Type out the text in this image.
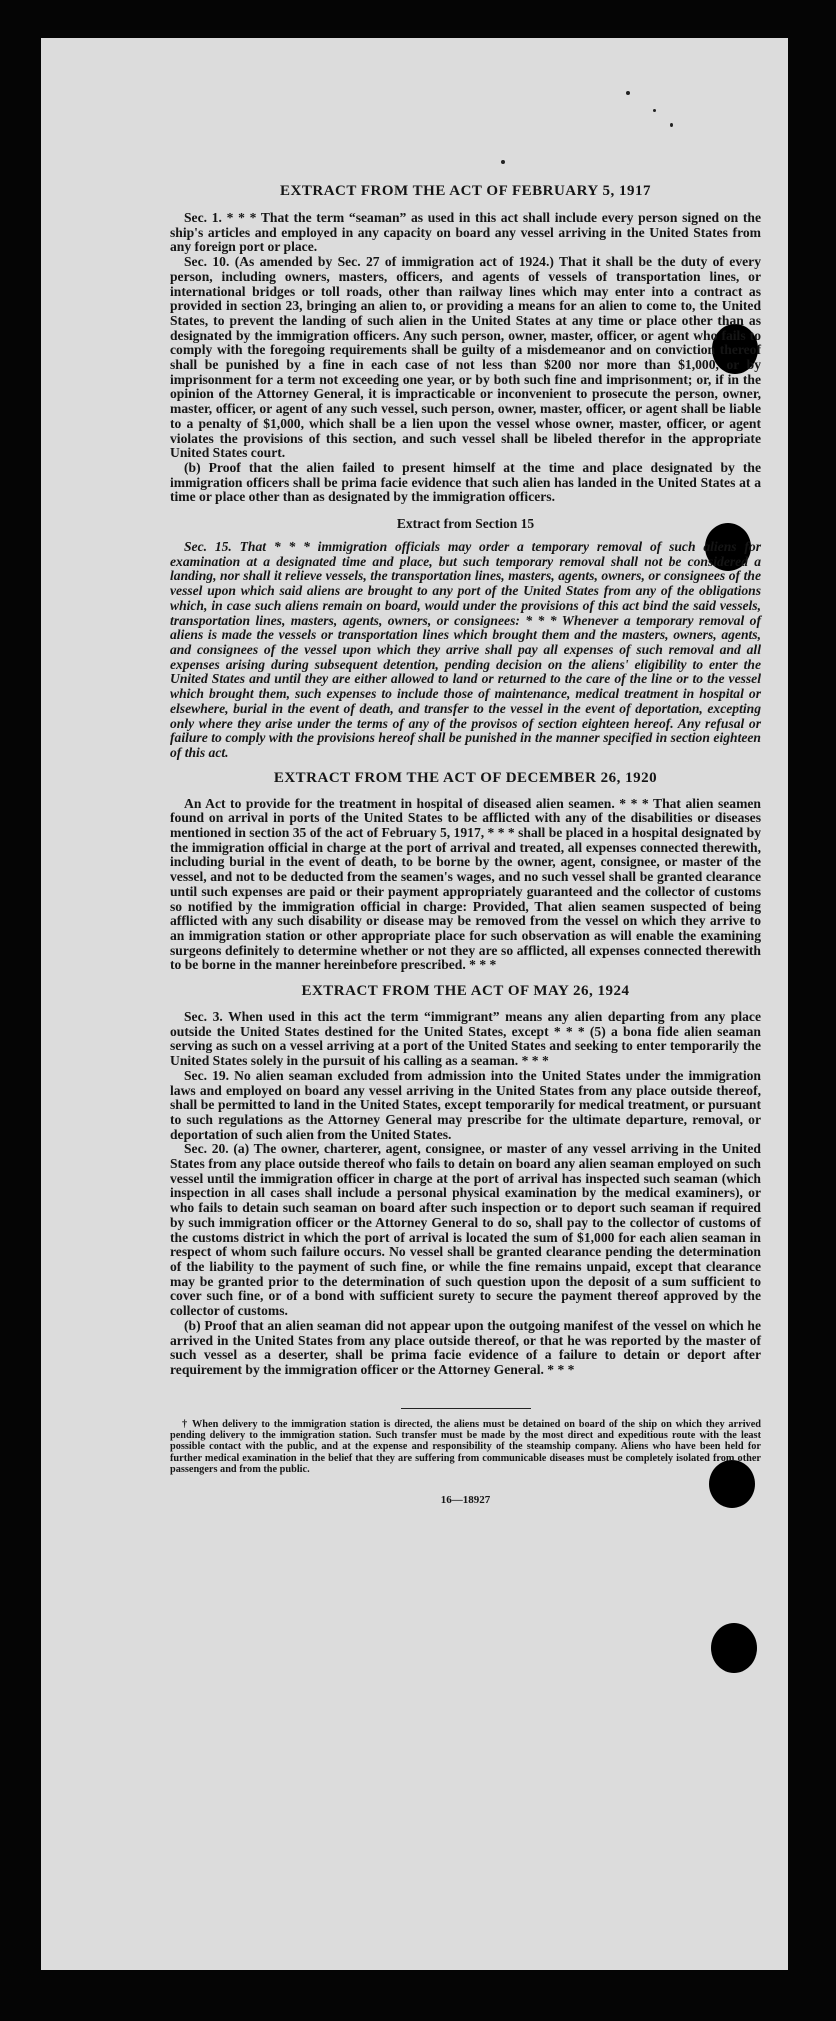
EXTRACT FROM THE ACT OF FEBRUARY 5, 1917

Sec. 1. * * * That the term “seaman” as used in this act shall include every person signed on the ship's articles and employed in any capacity on board any vessel arriving in the United States from any foreign port or place.

Sec. 10. (As amended by Sec. 27 of immigration act of 1924.) That it shall be the duty of every person, including owners, masters, officers, and agents of vessels of transportation lines, or international bridges or toll roads, other than railway lines which may enter into a contract as provided in section 23, bringing an alien to, or providing a means for an alien to come to, the United States, to prevent the landing of such alien in the United States at any time or place other than as designated by the immigration officers. Any such person, owner, master, officer, or agent who fails to comply with the foregoing requirements shall be guilty of a misdemeanor and on conviction thereof shall be punished by a fine in each case of not less than $200 nor more than $1,000, or by imprisonment for a term not exceeding one year, or by both such fine and imprisonment; or, if in the opinion of the Attorney General, it is impracticable or inconvenient to prosecute the person, owner, master, officer, or agent of any such vessel, such person, owner, master, officer, or agent shall be liable to a penalty of $1,000, which shall be a lien upon the vessel whose owner, master, officer, or agent violates the provisions of this section, and such vessel shall be libeled therefor in the appropriate United States court.

(b) Proof that the alien failed to present himself at the time and place designated by the immigration officers shall be prima facie evidence that such alien has landed in the United States at a time or place other than as designated by the immigration officers.

Extract from Section 15

Sec. 15. That * * * immigration officials may order a temporary removal of such aliens for examination at a designated time and place, but such temporary removal shall not be considered a landing, nor shall it relieve vessels, the transportation lines, masters, agents, owners, or consignees of the vessel upon which said aliens are brought to any port of the United States from any of the obligations which, in case such aliens remain on board, would under the provisions of this act bind the said vessels, transportation lines, masters, agents, owners, or consignees: * * * Whenever a temporary removal of aliens is made the vessels or transportation lines which brought them and the masters, owners, agents, and consignees of the vessel upon which they arrive shall pay all expenses of such removal and all expenses arising during subsequent detention, pending decision on the aliens' eligibility to enter the United States and until they are either allowed to land or returned to the care of the line or to the vessel which brought them, such expenses to include those of maintenance, medical treatment in hospital or elsewhere, burial in the event of death, and transfer to the vessel in the event of deportation, excepting only where they arise under the terms of any of the provisos of section eighteen hereof. Any refusal or failure to comply with the provisions hereof shall be punished in the manner specified in section eighteen of this act.

EXTRACT FROM THE ACT OF DECEMBER 26, 1920

An Act to provide for the treatment in hospital of diseased alien seamen. * * * That alien seamen found on arrival in ports of the United States to be afflicted with any of the disabilities or diseases mentioned in section 35 of the act of February 5, 1917, * * * shall be placed in a hospital designated by the immigration official in charge at the port of arrival and treated, all expenses connected therewith, including burial in the event of death, to be borne by the owner, agent, consignee, or master of the vessel, and not to be deducted from the seamen's wages, and no such vessel shall be granted clearance until such expenses are paid or their payment appropriately guaranteed and the collector of customs so notified by the immigration official in charge: Provided, That alien seamen suspected of being afflicted with any such disability or disease may be removed from the vessel on which they arrive to an immigration station or other appropriate place for such observation as will enable the examining surgeons definitely to determine whether or not they are so afflicted, all expenses connected therewith to be borne in the manner hereinbefore prescribed. * * *

EXTRACT FROM THE ACT OF MAY 26, 1924

Sec. 3. When used in this act the term “immigrant” means any alien departing from any place outside the United States destined for the United States, except * * * (5) a bona fide alien seaman serving as such on a vessel arriving at a port of the United States and seeking to enter temporarily the United States solely in the pursuit of his calling as a seaman. * * *

Sec. 19. No alien seaman excluded from admission into the United States under the immigration laws and employed on board any vessel arriving in the United States from any place outside thereof, shall be permitted to land in the United States, except temporarily for medical treatment, or pursuant to such regulations as the Attorney General may prescribe for the ultimate departure, removal, or deportation of such alien from the United States.

Sec. 20. (a) The owner, charterer, agent, consignee, or master of any vessel arriving in the United States from any place outside thereof who fails to detain on board any alien seaman employed on such vessel until the immigration officer in charge at the port of arrival has inspected such seaman (which inspection in all cases shall include a personal physical examination by the medical examiners), or who fails to detain such seaman on board after such inspection or to deport such seaman if required by such immigration officer or the Attorney General to do so, shall pay to the collector of customs of the customs district in which the port of arrival is located the sum of $1,000 for each alien seaman in respect of whom such failure occurs. No vessel shall be granted clearance pending the determination of the liability to the payment of such fine, or while the fine remains unpaid, except that clearance may be granted prior to the determination of such question upon the deposit of a sum sufficient to cover such fine, or of a bond with sufficient surety to secure the payment thereof approved by the collector of customs.

(b) Proof that an alien seaman did not appear upon the outgoing manifest of the vessel on which he arrived in the United States from any place outside thereof, or that he was reported by the master of such vessel as a deserter, shall be prima facie evidence of a failure to detain or deport after requirement by the immigration officer or the Attorney General. * * *

† When delivery to the immigration station is directed, the aliens must be detained on board of the ship on which they arrived pending delivery to the immigration station. Such transfer must be made by the most direct and expeditious route with the least possible contact with the public, and at the expense and responsibility of the steamship company. Aliens who have been held for further medical examination in the belief that they are suffering from communicable diseases must be completely isolated from other passengers and from the public.

16—18927
